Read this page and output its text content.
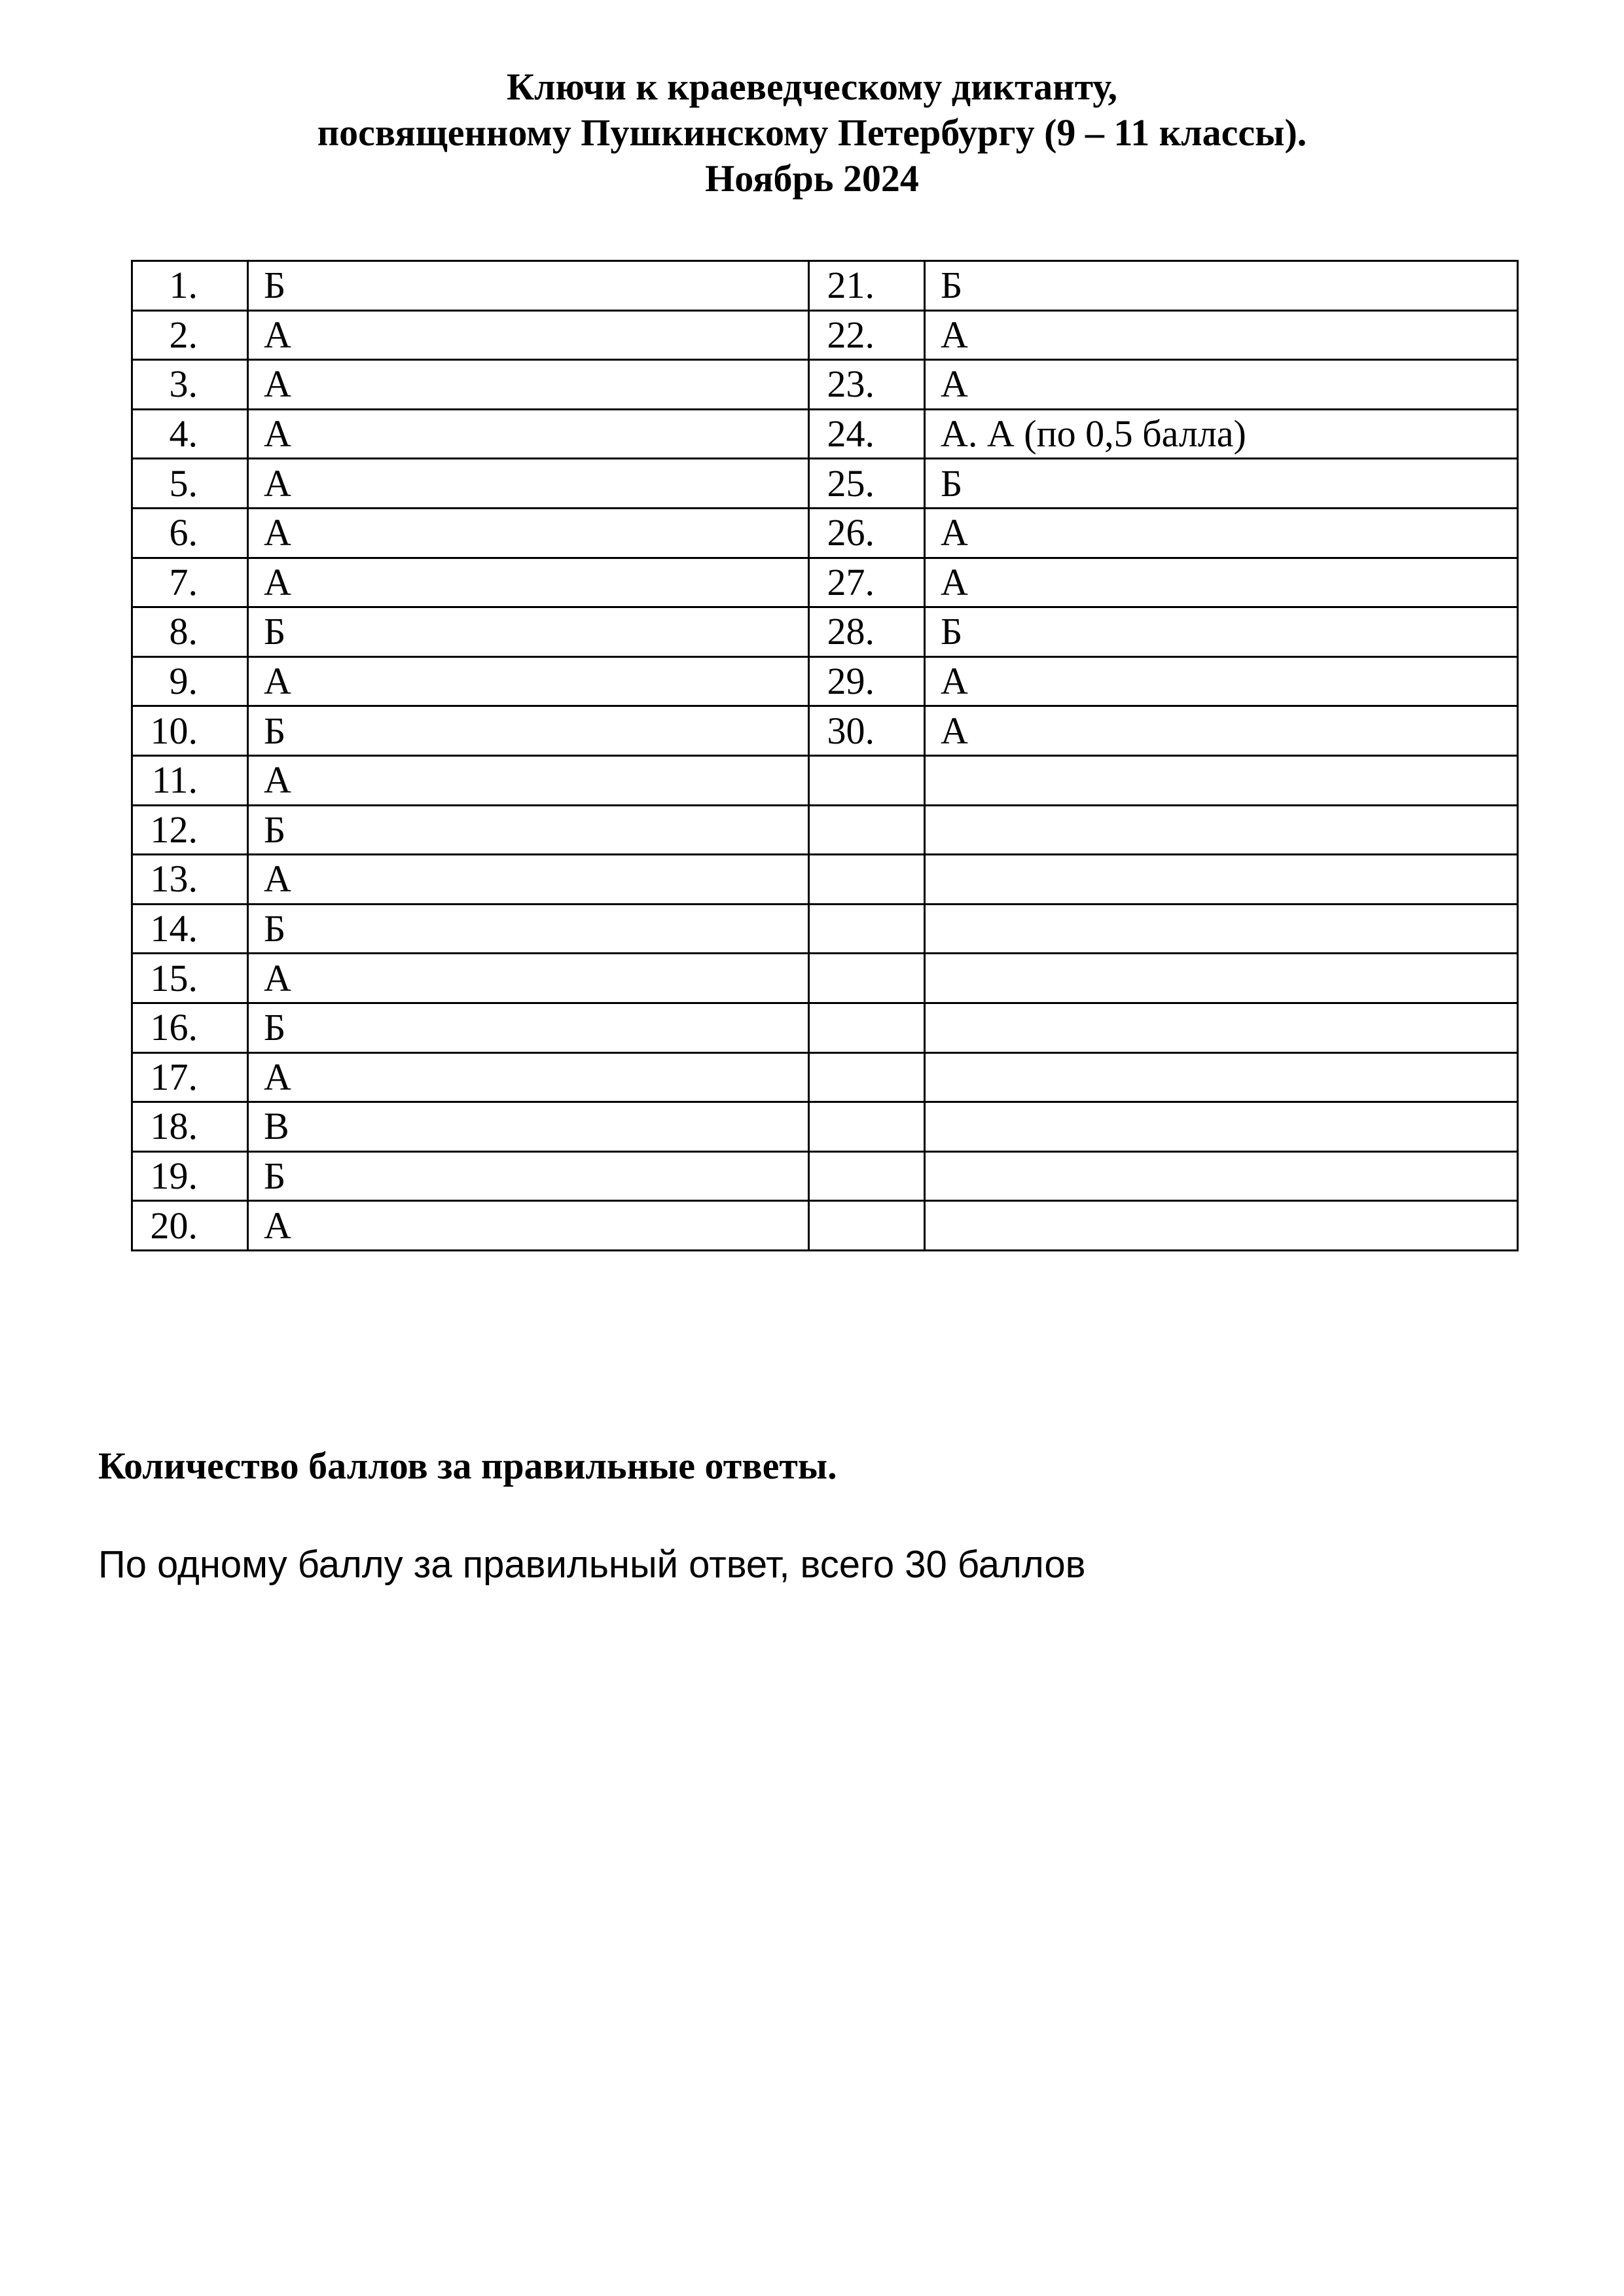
Ключи к краеведческому диктанту,
посвященному Пушкинскому Петербургу (9 – 11 классы).
Ноябрь 2024
1.	Б	21.	Б
2.	А	22.	А
3.	А	23.	А
4.	А	24.	А. А (по 0,5 балла)
5.	А	25.	Б
6.	А	26.	А
7.	А	27.	А
8.	Б	28.	Б
9.	А	29.	А
10.	Б	30.	А
11.	А		
12.	Б		
13.	А		
14.	Б		
15.	А		
16.	Б		
17.	А		
18.	В		
19.	Б		
20.	А		
Количество баллов за правильные ответы.
По одному баллу за правильный ответ, всего 30 баллов
